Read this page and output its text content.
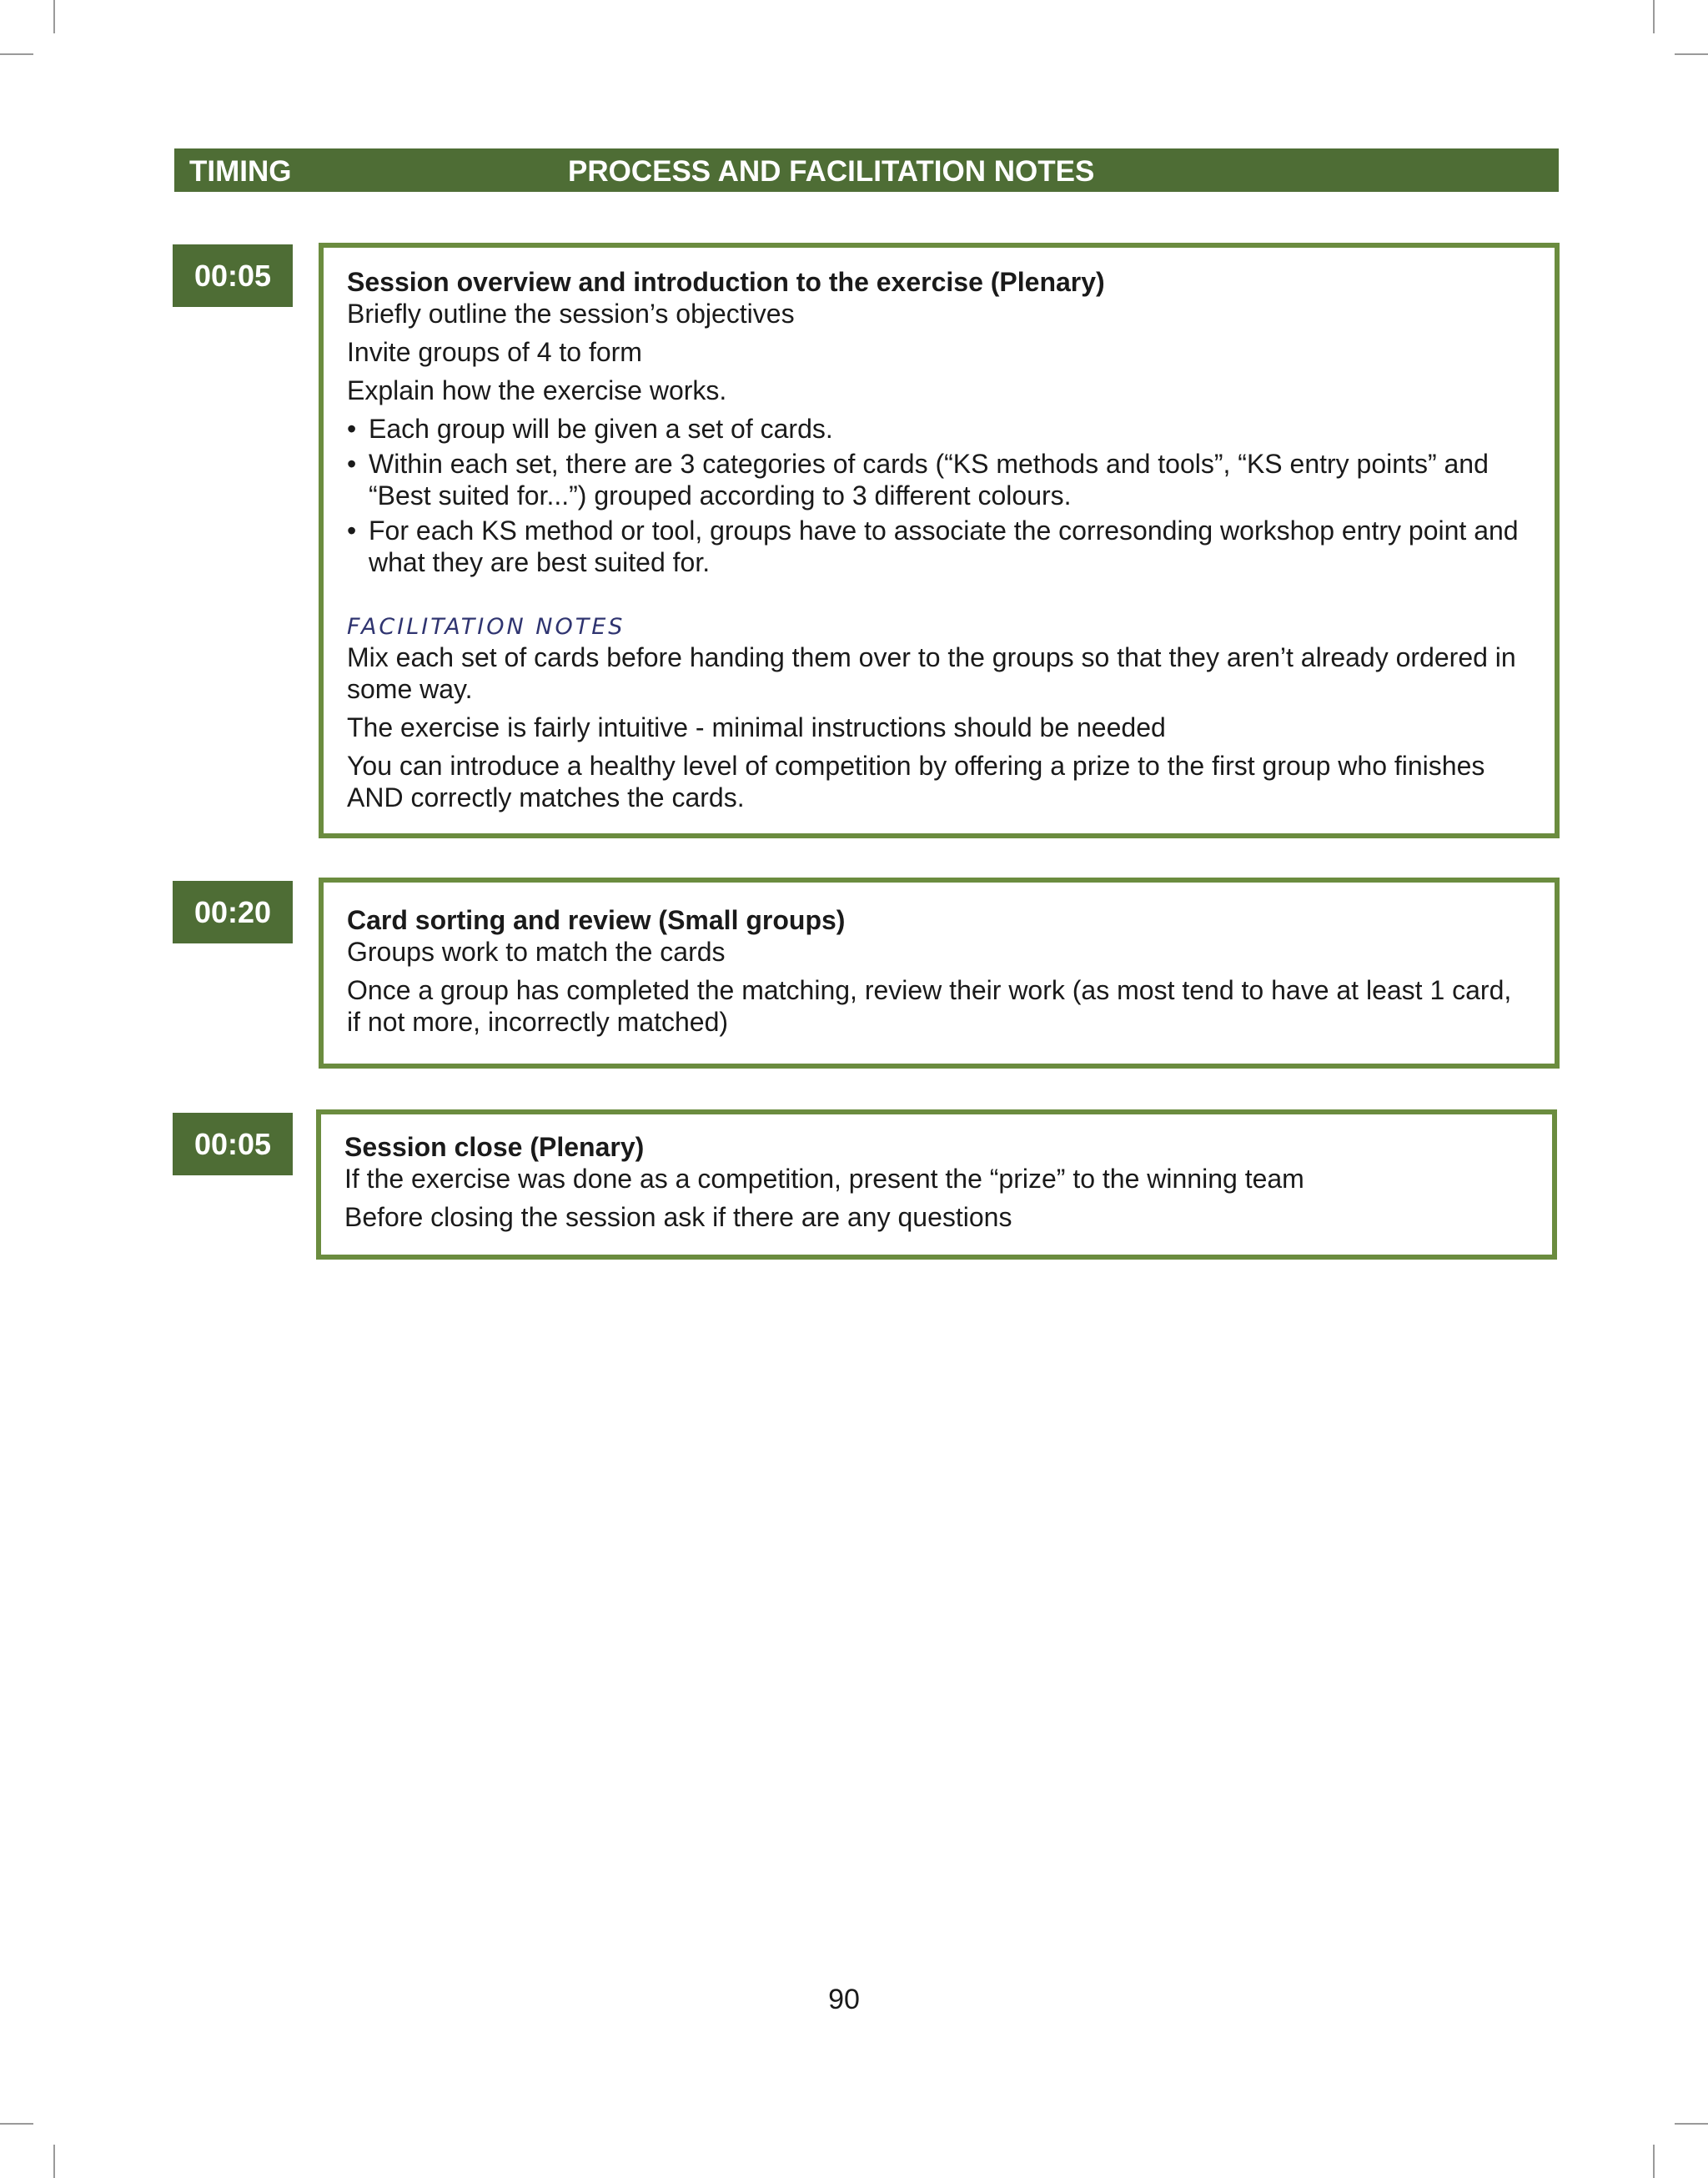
TIMING	PROCESS AND FACILITATION NOTES
00:05	Session overview and introduction to the exercise (Plenary)

Briefly outline the session’s objectives

Invite groups of 4 to form

Explain how the exercise works.

• Each group will be given a set of cards.
• Within each set, there are 3 categories of cards (“KS methods and tools”, “KS entry points” and “Best suited for...”) grouped according to 3 different colours.
• For each KS method or tool, groups have to associate the corresonding workshop entry point and what they are best suited for.

FACILITATION NOTES

Mix each set of cards before handing them over to the groups so that they aren’t already ordered in some way.

The exercise is fairly intuitive - minimal instructions should be needed

You can introduce a healthy level of competition by offering a prize to the first group who finishes AND correctly matches the cards.

00:20	Card sorting and review (Small groups)

Groups work to match the cards

Once a group has completed the matching, review their work (as most tend to have at least 1 card, if not more, incorrectly matched)

00:05	Session close (Plenary)

If the exercise was done as a competition, present the “prize” to the winning team

Before closing the session ask if there are any questions

90
